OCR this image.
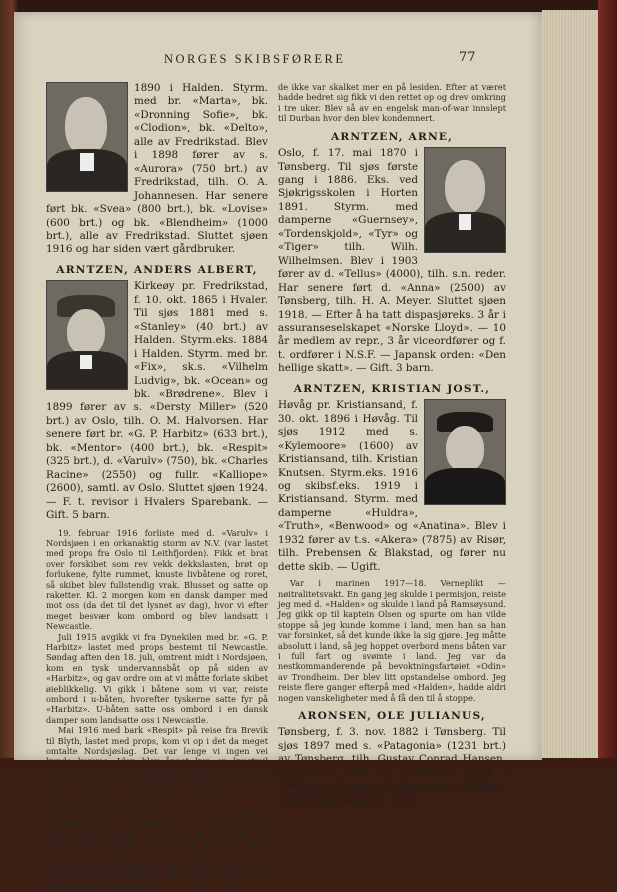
NORGES SKIBSFØRERE	77

1890 i Halden. Styrm. med br. «Marta», bk. «Dronning Sofie», bk. «Clodion», bk. «Delto», alle av Fredrikstad. Blev i 1898 fører av s. «Aurora» (750 brt.) av Fredrikstad, tilh. O. A. Johannesen. Har senere ført bk. «Svea» (800 brt.), bk. «Lovise» (600 brt.) og bk. «Blendheim» (1000 brt.), alle av Fredrikstad. Sluttet sjøen 1916 og har siden vært gårdbruker.

ARNTZEN, ANDERS ALBERT,

Kirkeøy pr. Fredrikstad, f. 10. okt. 1865 i Hvaler. Til sjøs 1881 med s. «Stanley» (40 brt.) av Halden. Styrm.eks. 1884 i Halden. Styrm. med br. «Fix», sk.s. «Vilhelm Ludvig», bk. «Ocean» og bk. «Brødrene». Blev i 1899 fører av s. «Dersty Miller» (520 brt.) av Oslo, tilh. O. M. Halvorsen. Har senere ført br. «G. P. Harbitz» (633 brt.), bk. «Mentor» (400 brt.), bk. «Respit» (325 brt.), d. «Varulv» (750), bk. «Charles Racine» (2550) og fullr. «Kalliope» (2600), samtl. av Oslo. Sluttet sjøen 1924. — F. t. revisor i Hvalers Sparebank. — Gift. 5 barn.

19. februar 1916 forliste med d. «Varulv» i Nordsjøen i en orkanaktig storm av N.V. (var lastet med props fra Oslo til Leithfjorden). Fikk et brat over forskibet som rev vekk dekkslasten, brøt op forlukene, fylte rummet, knuste livbåtene og roret, så skibet blev fullstendig vrak. Blusset og satte op raketter. Kl. 2 morgen kom en dansk damper med mot oss (da det til det lysnet av dag), hvor vi efter meget besvær kom ombord og blev landsatt i Newcastle.

Juli 1915 avgikk vi fra Dynekilen med br. «G. P. Harbitz» lastet med props bestemt til Newcastle. Søndag aften den 18. juli, omtrent midt i Nordsjøen, kom en tysk undervannsbåt op på siden av «Harbitz», og gav ordre om at vi måtte forlate skibet øieblikkelig. Vi gikk i båtene som vi var, reiste ombord i u-båten, hvorefter tyskerne satte fyr på «Harbitz». U-båten satte oss ombord i en dansk damper som landsatte oss i Newcastle.

Mai 1916 med bark «Respit» på reise fra Brevik til Blyth, lastet med props, kom vi op i det da meget omtalte Nordsjøslag. Det var lenge vi ingen vei kunde komme. Iden blev åpnet kun en kvartmil borte. Det var nogen fryktelige minutter da kulene før rundt i alle retninger uten å treffe oss. Det var et under at vi ikke blev skudt i senk. Det var en øredøvende kanontorden.

Bark «Charles Racine» var vel i sin tid Norges stolteste seilskib, og bekjent for sine mange hurtige reiser. Blandt annet kan nevnes at jeg seilte fra Newport News til Rio på 32 dager, kullastet. Førte skibet på alle farvann i 5 år. I 1922 på reise fra Durban til Kanada kantret den på Øst-Afrika. Under storm kastet den ballasten. Måtte kappe riggen for å få lukene op av vannet, da

de ikke var skalket mer en på lesiden. Efter at været hadde bedret sig fikk vi den rettet op og drev omkring i tre uker. Blev så av en engelsk man-of-war innslept til Durban hvor den blev kondemnert.

ARNTZEN, ARNE,

Oslo, f. 17. mai 1870 i Tønsberg. Til sjøs første gang i 1886. Eks. ved Sjøkrigsskolen i Horten 1891. Styrm. med damperne «Guernsey», «Tordenskjold», «Tyr» og «Tiger» tilh. Wilh. Wilhelmsen. Blev i 1903 fører av d. «Tellus» (4000), tilh. s.n. reder. Har senere ført d. «Anna» (2500) av Tønsberg, tilh. H. A. Meyer. Sluttet sjøen 1918. — Efter å ha tatt dispasjøreks. 3 år i assuranseselskapet «Norske Lloyd». — 10 år medlem av repr., 3 år viceordfører og f. t. ordfører i N.S.F. — Japansk orden: «Den hellige skatt». — Gift. 3 barn.

ARNTZEN, KRISTIAN JOST.,

Høvåg pr. Kristiansand, f. 30. okt. 1896 i Høvåg. Til sjøs 1912 med s. «Kylemoore» (1600) av Kristiansand, tilh. Kristian Knutsen. Styrm.eks. 1916 og skibsf.eks. 1919 i Kristiansand. Styrm. med damperne «Huldra», «Truth», «Benwood» og «Anatina». Blev i 1932 fører av t.s. «Akera» (7875) av Risør, tilh. Prebensen & Blakstad, og fører nu dette skib. — Ugift.

Var i marinen 1917—18. Verneplikt — nøitralitetsvakt. En gang jeg skulde i permisjon, reiste jeg med d. «Halden» og skulde i land på Ramsøysund. Jeg gikk op til kaptein Olsen og spurte om han vilde stoppe så jeg kunde komme i land, men han sa han var forsinket, så det kunde ikke la sig gjøre. Jeg måtte absolutt i land, så jeg hoppet overbord mens båten var i full fart og svømte i land. Jeg var da nestkommanderende på bevoktningsfartøiet «Odin» av Trondheim. Der blev litt opstandelse ombord. Jeg reiste flere ganger efterpå med «Halden», hadde aldri nogen vanskeligheter med å få den til å stoppe.

ARONSEN, OLE JULIANUS,

Tønsberg, f. 3. nov. 1882 i Tønsberg. Til sjøs 1897 med s. «Patagonia» (1231 brt.) av Tønsberg, tilh. Gustav Conrad Hansen. Styrm.eks. 1901 og skibsf.eks. 1904 i Tønsberg. Styrm. med damperne «Viking», «Dott» og «Maudie». Blev
